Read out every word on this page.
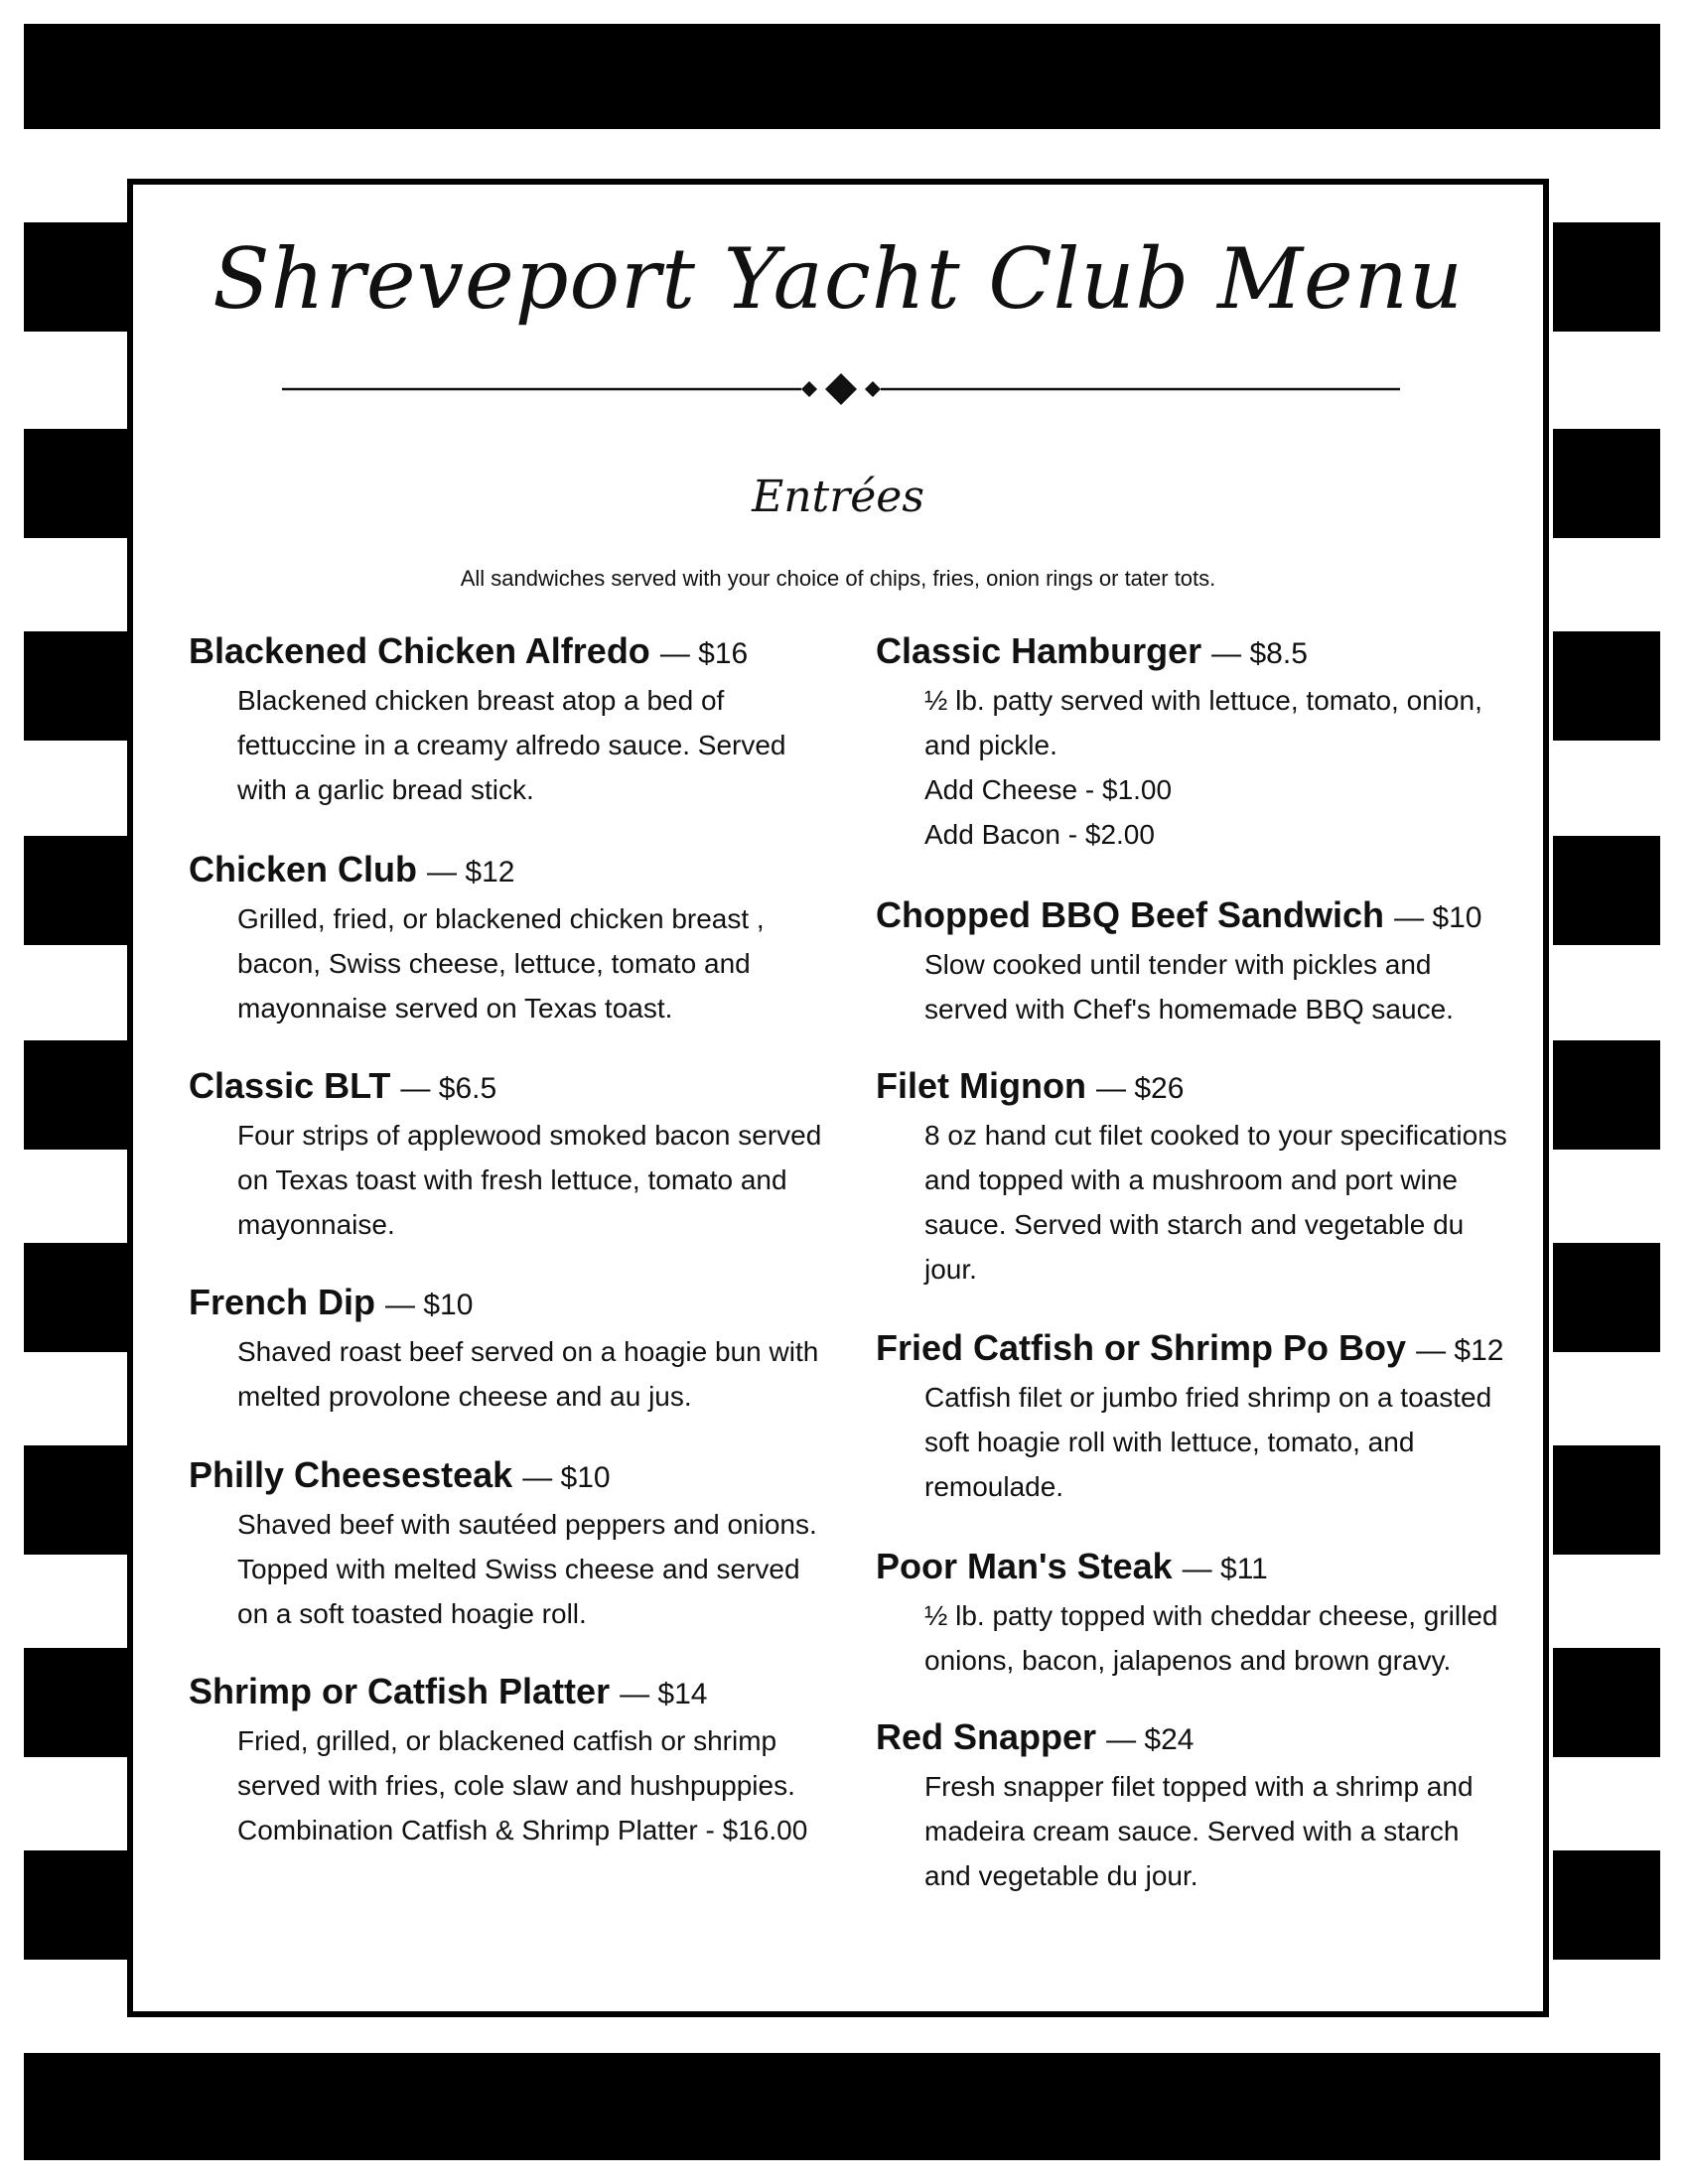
Shreveport Yacht Club Menu
Entrées

All sandwiches served with your choice of chips, fries, onion rings or tater tots.

Blackened Chicken Alfredo — $16

Blackened chicken breast atop a bed of fettuccine in a creamy alfredo sauce. Served with a garlic bread stick.

Chicken Club — $12

Grilled, fried, or blackened chicken breast , bacon, Swiss cheese, lettuce, tomato and mayonnaise served on Texas toast.

Classic BLT — $6.5

Four strips of applewood smoked bacon served on Texas toast with fresh lettuce, tomato and mayonnaise.

French Dip — $10

Shaved roast beef served on a hoagie bun with melted provolone cheese and au jus.

Philly Cheesesteak — $10

Shaved beef with sautéed peppers and onions. Topped with melted Swiss cheese and served on a soft toasted hoagie roll.

Shrimp or Catfish Platter — $14

Fried, grilled, or blackened catfish or shrimp served with fries, cole slaw and hushpuppies.

Combination Catfish & Shrimp Platter - $16.00

Classic Hamburger — $8.5

½ lb. patty served with lettuce, tomato, onion, and pickle.

Add Cheese - $1.00

Add Bacon - $2.00

Chopped BBQ Beef Sandwich — $10

Slow cooked until tender with pickles and served with Chef's homemade BBQ sauce.

Filet Mignon — $26

8 oz hand cut filet cooked to your specifications and topped with a mushroom and port wine sauce. Served with starch and vegetable du jour.

Fried Catfish or Shrimp Po Boy — $12

Catfish filet or jumbo fried shrimp on a toasted soft hoagie roll with lettuce, tomato, and remoulade.

Poor Man's Steak — $11

½ lb. patty topped with cheddar cheese, grilled onions, bacon, jalapenos and brown gravy.

Red Snapper — $24

Fresh snapper filet topped with a shrimp and madeira cream sauce. Served with a starch and vegetable du jour.
